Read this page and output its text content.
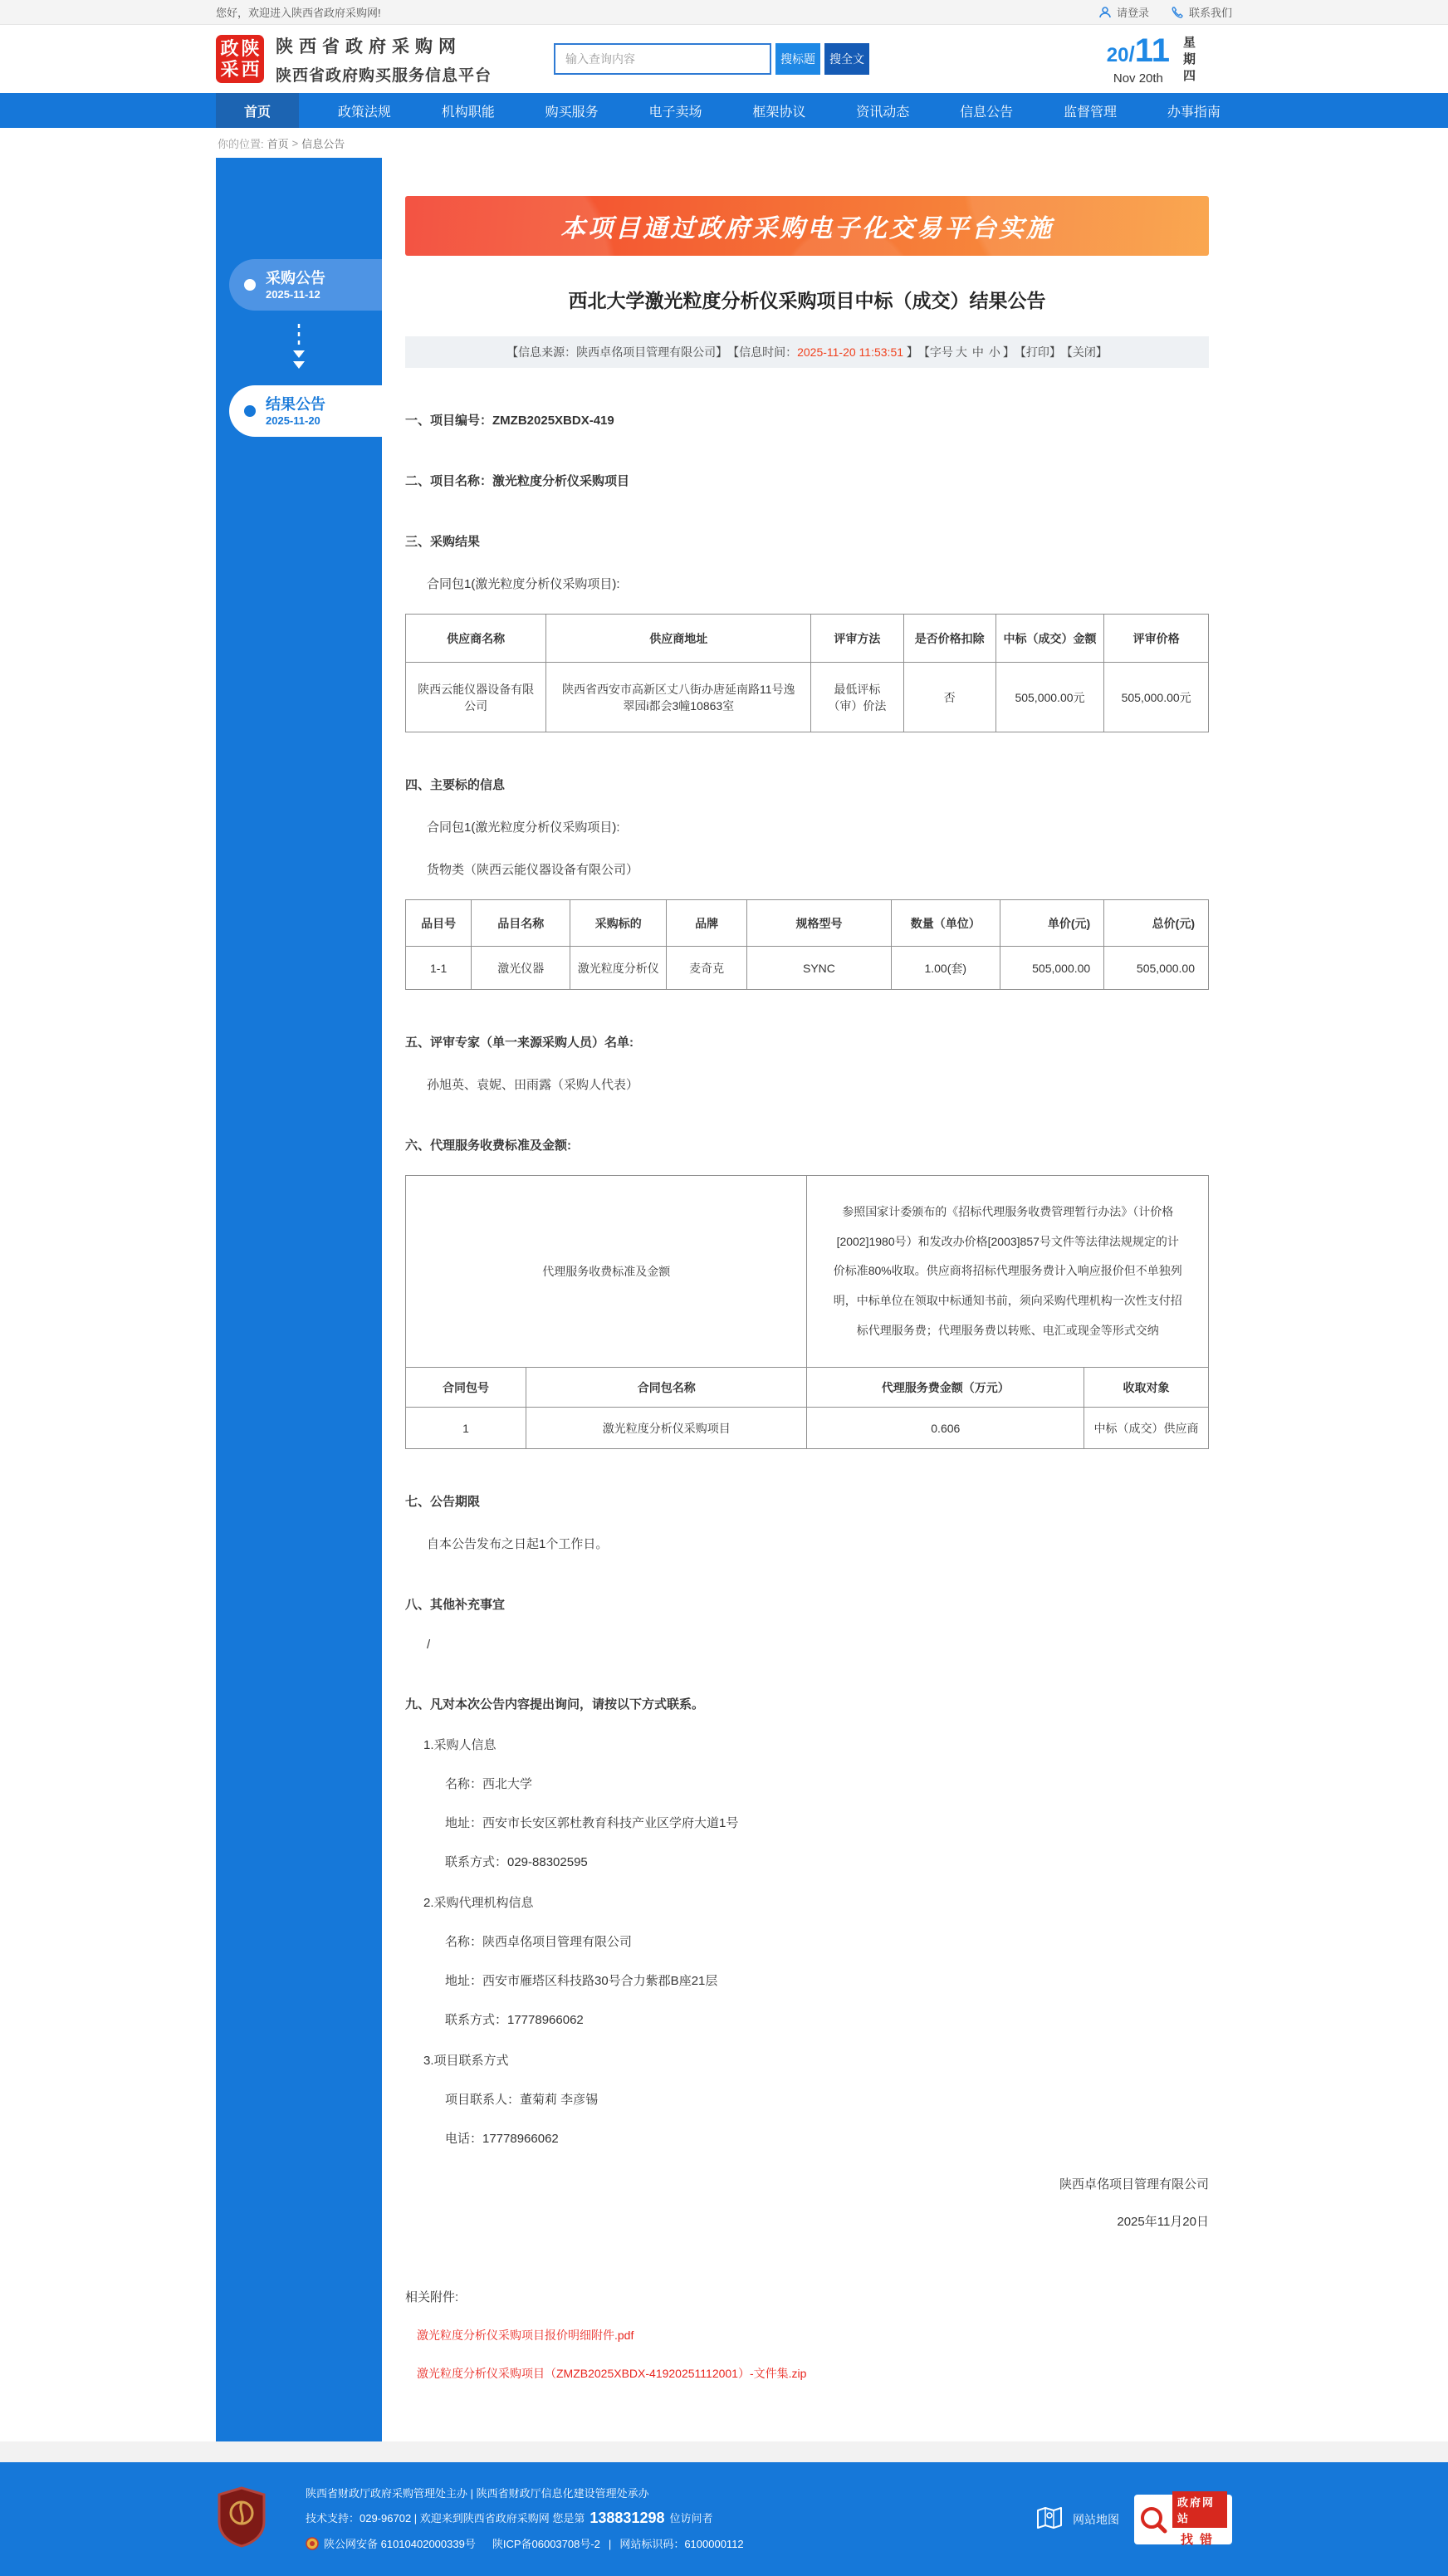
您好，欢迎进入陕西省政府采购网!	请登录	联系我们
政 陕
采 西
陕西省政府采购网
陕西省政府购买服务信息平台
输入查询内容
搜标题	搜全文	20/11
Nov 20th	星期四
首页	政策法规	机构职能	购买服务	电子卖场	框架协议	资讯动态	信息公告	监督管理	办事指南
你的位置: 首页 > 信息公告
采购公告
2025-11-12
结果公告
2025-11-20
本项目通过政府采购电子化交易平台实施
西北大学激光粒度分析仪采购项目中标（成交）结果公告
【信息来源：陕西卓佲项目管理有限公司】 【信息时间： 2025-11-20 11:53:51 】 【字号 大 中 小 】 【打印】 【关闭】
一、项目编号：ZMZB2025XBDX-419
二、项目名称：激光粒度分析仪采购项目
三、采购结果
合同包1(激光粒度分析仪采购项目):
供应商名称	供应商地址	评审方法	是否价格扣除	中标（成交）金额	评审价格
陕西云能仪器设备有限公司	陕西省西安市高新区丈八街办唐延南路11号逸翠园i都会3幢10863室	最低评标（审）价法	否	505,000.00元	505,000.00元
四、主要标的信息
合同包1(激光粒度分析仪采购项目):
货物类（陕西云能仪器设备有限公司）
品目号	品目名称	采购标的	品牌	规格型号	数量（单位）	单价(元)	总价(元)
1-1	激光仪器	激光粒度分析仪	麦奇克	SYNC	1.00(套)	505,000.00	505,000.00
五、评审专家（单一来源采购人员）名单:
孙旭英、袁妮、田雨露（采购人代表）
六、代理服务收费标准及金额:
代理服务收费标准及金额		参照国家计委颁布的《招标代理服务收费管理暂行办法》（计价格[2002]1980号）和发改办价格[2003]857号文件等法律法规规定的计价标准80%收取。供应商将招标代理服务费计入响应报价但不单独列明，中标单位在领取中标通知书前，须向采购代理机构一次性支付招标代理服务费；代理服务费以转账、电汇或现金等形式交纳	
合同包号	合同包名称	代理服务费金额（万元）	收取对象
1	激光粒度分析仪采购项目	0.606	中标（成交）供应商
七、公告期限
自本公告发布之日起1个工作日。
八、其他补充事宜
/
九、凡对本次公告内容提出询问，请按以下方式联系。
1.采购人信息
名称：西北大学
地址：西安市长安区郭杜教育科技产业区学府大道1号
联系方式：029-88302595
2.采购代理机构信息
名称：陕西卓佲项目管理有限公司
地址：西安市雁塔区科技路30号合力紫郡B座21层
联系方式：17778966062
3.项目联系方式
项目联系人：董菊莉 李彦锡
电话：17778966062
陕西卓佲项目管理有限公司
2025年11月20日
相关附件:
激光粒度分析仪采购项目报价明细附件.pdf
激光粒度分析仪采购项目（ZMZB2025XBDX-41920251112001）-文件集.zip
陕西省财政厅政府采购管理处主办 | 陕西省财政厅信息化建设管理处承办
技术支持：029-96702 | 欢迎来到陕西省政府采购网 您是第 138831298 位访问者
陕公网安备 61010402000339号 陕ICP备06003708号-2 | 网站标识码：6100000112
网站地图
政府网站
找错
